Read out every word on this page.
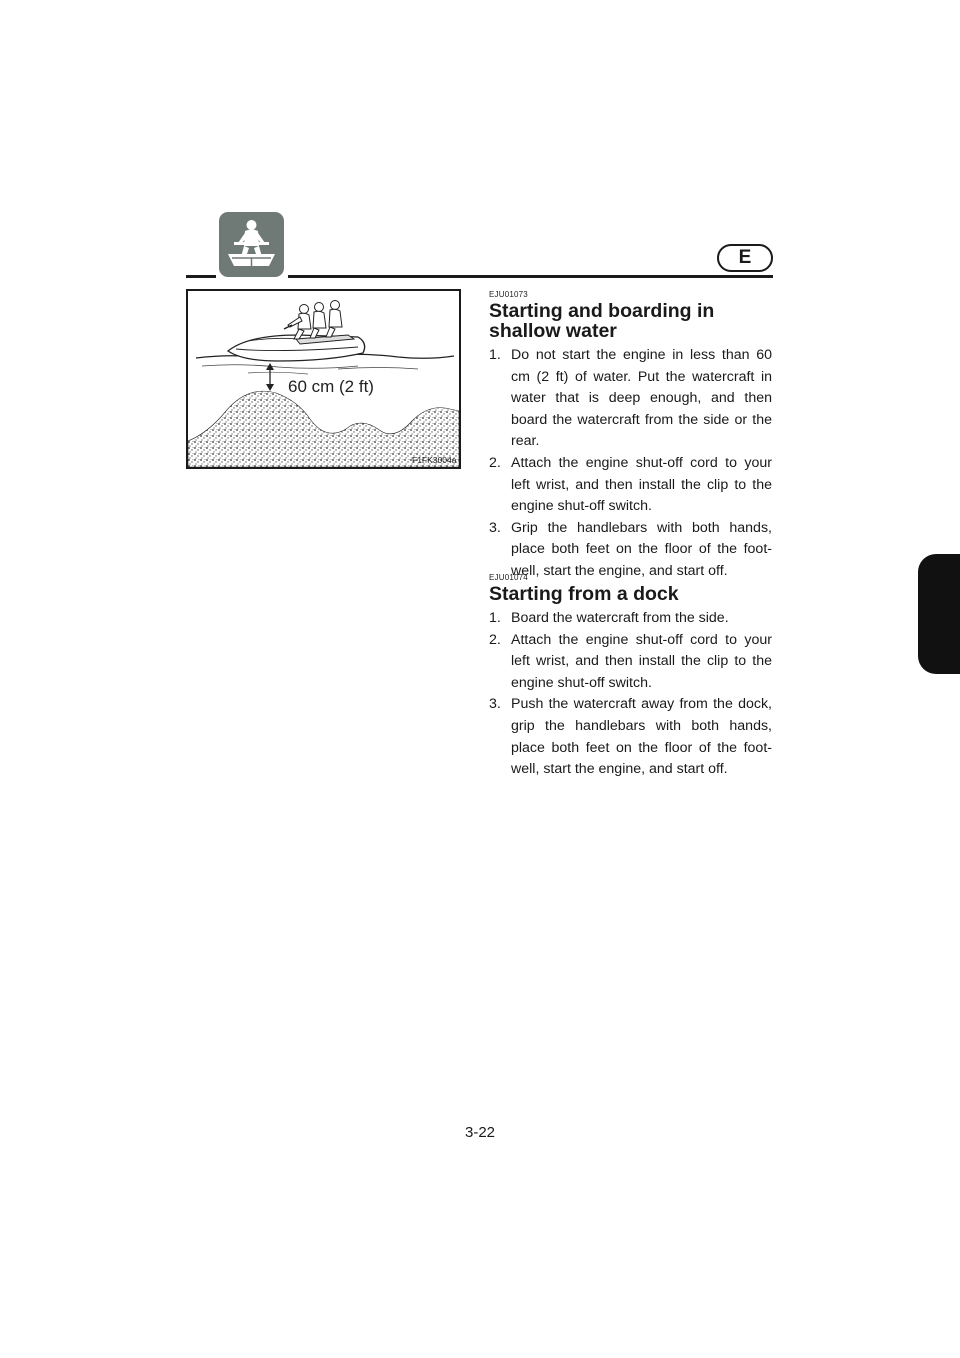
E
60 cm (2 ft)
F1FK3004a
EJU01073
Starting and boarding in shallow water
1. Do not start the engine in less than 60 cm (2 ft) of water. Put the watercraft in water that is deep enough, and then board the watercraft from the side or the rear.
2. Attach the engine shut-off cord to your left wrist, and then install the clip to the engine shut-off switch.
3. Grip the handlebars with both hands, place both feet on the floor of the foot-well, start the engine, and start off.
EJU01074
Starting from a dock
1. Board the watercraft from the side.
2. Attach the engine shut-off cord to your left wrist, and then install the clip to the engine shut-off switch.
3. Push the watercraft away from the dock, grip the handlebars with both hands, place both feet on the floor of the foot-well, start the engine, and start off.
3-22
